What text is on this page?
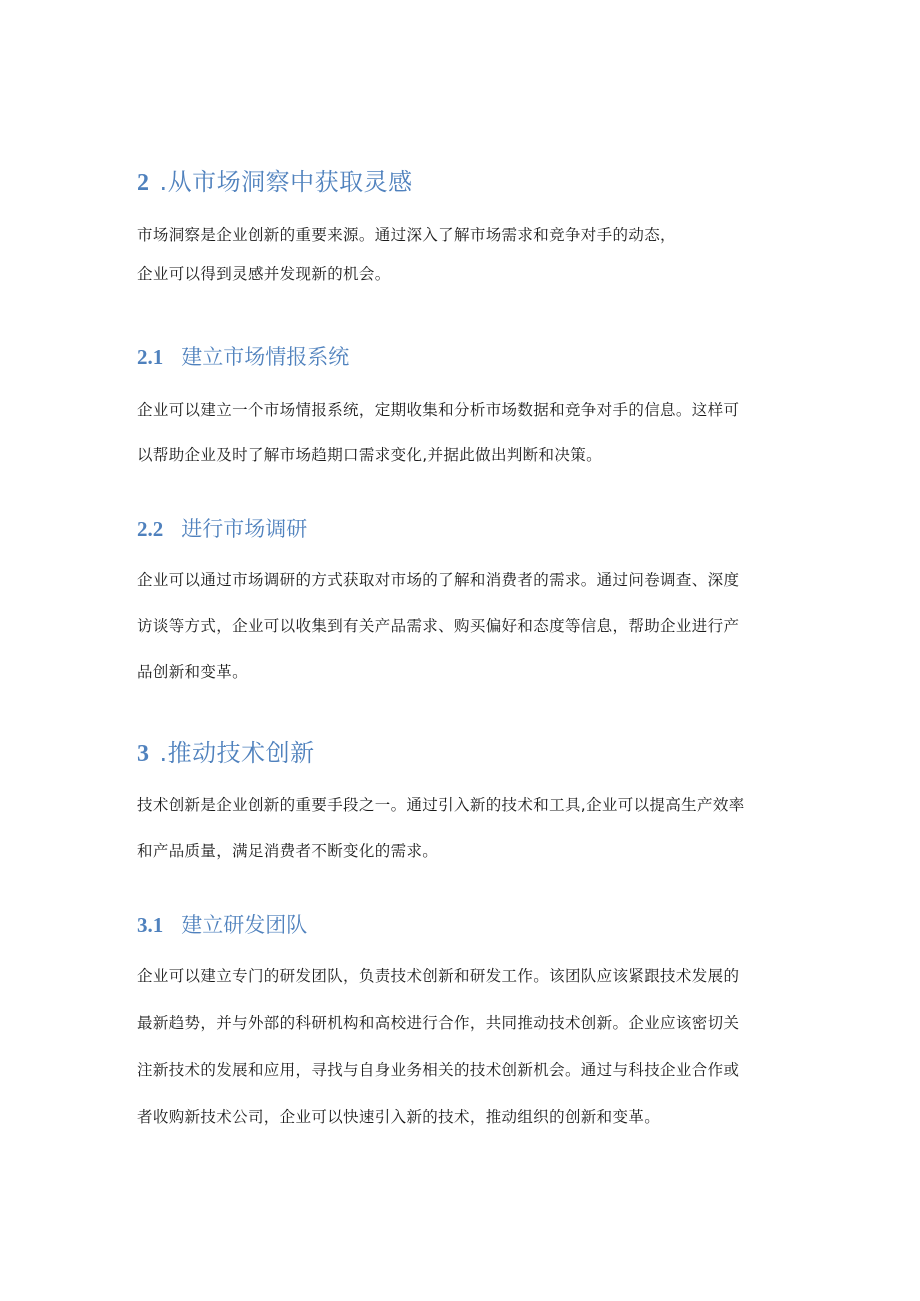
2 .从市场洞察中获取灵感
市场洞察是企业创新的重要来源。通过深入了解市场需求和竞争对手的动态，
企业可以得到灵感并发现新的机会。
2.1 建立市场情报系统
企业可以建立一个市场情报系统，定期收集和分析市场数据和竞争对手的信息。这样可
以帮助企业及时了解市场趋期口需求变化,并据此做出判断和决策。
2.2 进行市场调研
企业可以通过市场调研的方式获取对市场的了解和消费者的需求。通过问卷调查、深度
访谈等方式，企业可以收集到有关产品需求、购买偏好和态度等信息，帮助企业进行产
品创新和变革。
3 .推动技术创新
技术创新是企业创新的重要手段之一。通过引入新的技术和工具,企业可以提高生产效率
和产品质量，满足消费者不断变化的需求。
3.1 建立研发团队
企业可以建立专门的研发团队，负责技术创新和研发工作。该团队应该紧跟技术发展的
最新趋势，并与外部的科研机构和高校进行合作，共同推动技术创新。企业应该密切关
注新技术的发展和应用，寻找与自身业务相关的技术创新机会。通过与科技企业合作或
者收购新技术公司，企业可以快速引入新的技术，推动组织的创新和变革。
